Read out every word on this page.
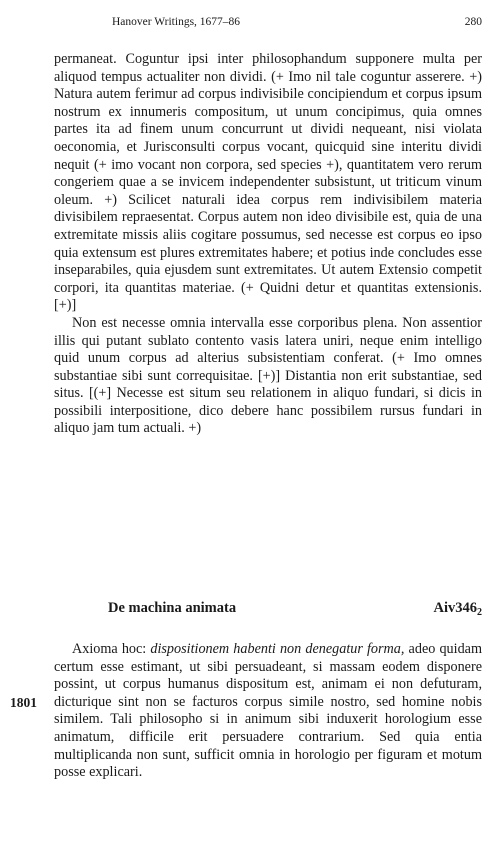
Hanover Writings, 1677–86	280

permaneat. Coguntur ipsi inter philosophandum supponere multa per aliquod tempus actualiter non dividi. (+ Imo nil tale coguntur asserere. +) Natura autem ferimur ad corpus indivisibile concipiendum et corpus ipsum nostrum ex innumeris compositum, ut unum concipimus, quia omnes partes ita ad finem unum concurrunt ut dividi nequeant, nisi violata oeconomia, et Jurisconsulti corpus vocant, quicquid sine interitu dividi nequit (+ imo vocant non corpora, sed species +), quantitatem vero rerum congeriem quae a se invicem independenter subsistunt, ut triticum vinum oleum. +) Scilicet naturali idea corpus rem indivisibilem materia divisibilem repraesentat. Corpus autem non ideo divisibile est, quia de una extremitate missis aliis cogitare possumus, sed necesse est corpus eo ipso quia extensum est plures extremitates habere; et potius inde concludes esse inseparabiles, quia ejusdem sunt extremitates. Ut autem Extensio competit corpori, ita quantitas materiae. (+ Quidni detur et quantitas extensionis. [+)]

Non est necesse omnia intervalla esse corporibus plena. Non assentior illis qui putant sublato contento vasis latera uniri, neque enim intelligo quid unum corpus ad alterius subsistentiam conferat. (+ Imo omnes substantiae sibi sunt correquisitae. [+)] Distantia non erit substantiae, sed situs. [(+] Necesse est situm seu relationem in aliquo fundari, si dicis in possibili interpositione, dico debere hanc possibilem rursus fundari in aliquo jam tum actuali. +)

De machina animata	$Aiv346_2$
1801

Axioma hoc: dispositionem habenti non denegatur forma, adeo quidam certum esse estimant, ut sibi persuadeant, si massam eodem disponere possint, ut corpus humanus dispositum est, animam ei non defuturam, dicturique sint non se facturos corpus simile nostro, sed homine nobis similem. Tali philosopho si in animum sibi induxerit horologium esse animatum, difficile erit persuadere contrarium. Sed quia entia multiplicanda non sunt, sufficit omnia in horologio per figuram et motum posse explicari.
